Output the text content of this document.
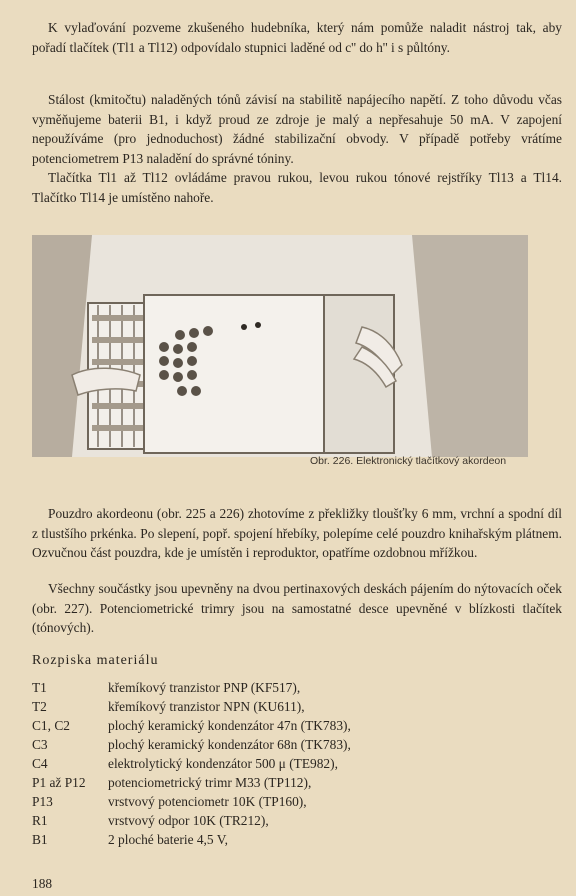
K vylaďování pozveme zkušeného hudebníka, který nám pomůže naladit nástroj tak, aby pořadí tlačítek (Tl1 a Tl12) odpovídalo stupnici laděné od c'' do h'' i s půltóny.

Stálost (kmitočtu) naladěných tónů závisí na stabilitě napájecího napětí. Z toho důvodu včas vyměňujeme baterii B1, i když proud ze zdroje je malý a nepřesahuje 50 mA. V zapojení nepoužíváme (pro jednoduchost) žádné stabilizační obvody. V případě potřeby vrátíme potenciometrem P13 naladění do správné tóniny.

Tlačítka Tl1 až Tl12 ovládáme pravou rukou, levou rukou tónové rejstříky Tl13 a Tl14. Tlačítko Tl14 je umístěno nahoře.

Obr. 226. Elektronický tlačítkový akordeon

Pouzdro akordeonu (obr. 225 a 226) zhotovíme z překližky tloušťky 6 mm, vrchní a spodní díl z tlustšího prkénka. Po slepení, popř. spojení hřebíky, polepíme celé pouzdro knihařským plátnem. Ozvučnou část pouzdra, kde je umístěn i reproduktor, opatříme ozdobnou mřížkou.

Všechny součástky jsou upevněny na dvou pertinaxových deskách pájením do nýtovacích oček (obr. 227). Potenciometrické trimry jsou na samostatné desce upevněné v blízkosti tlačítek (tónových).

Rozpiska materiálu
T1	křemíkový tranzistor PNP (KF517),
T2	křemíkový tranzistor NPN (KU611),
C1, C2	plochý keramický kondenzátor 47n (TK783),
C3	plochý keramický kondenzátor 68n (TK783),
C4	elektrolytický kondenzátor 500 μ (TE982),
P1 až P12	potenciometrický trimr M33 (TP112),
P13	vrstvový potenciometr 10K (TP160),
R1	vrstvový odpor 10K (TR212),
B1	2 ploché baterie 4,5 V,
188
